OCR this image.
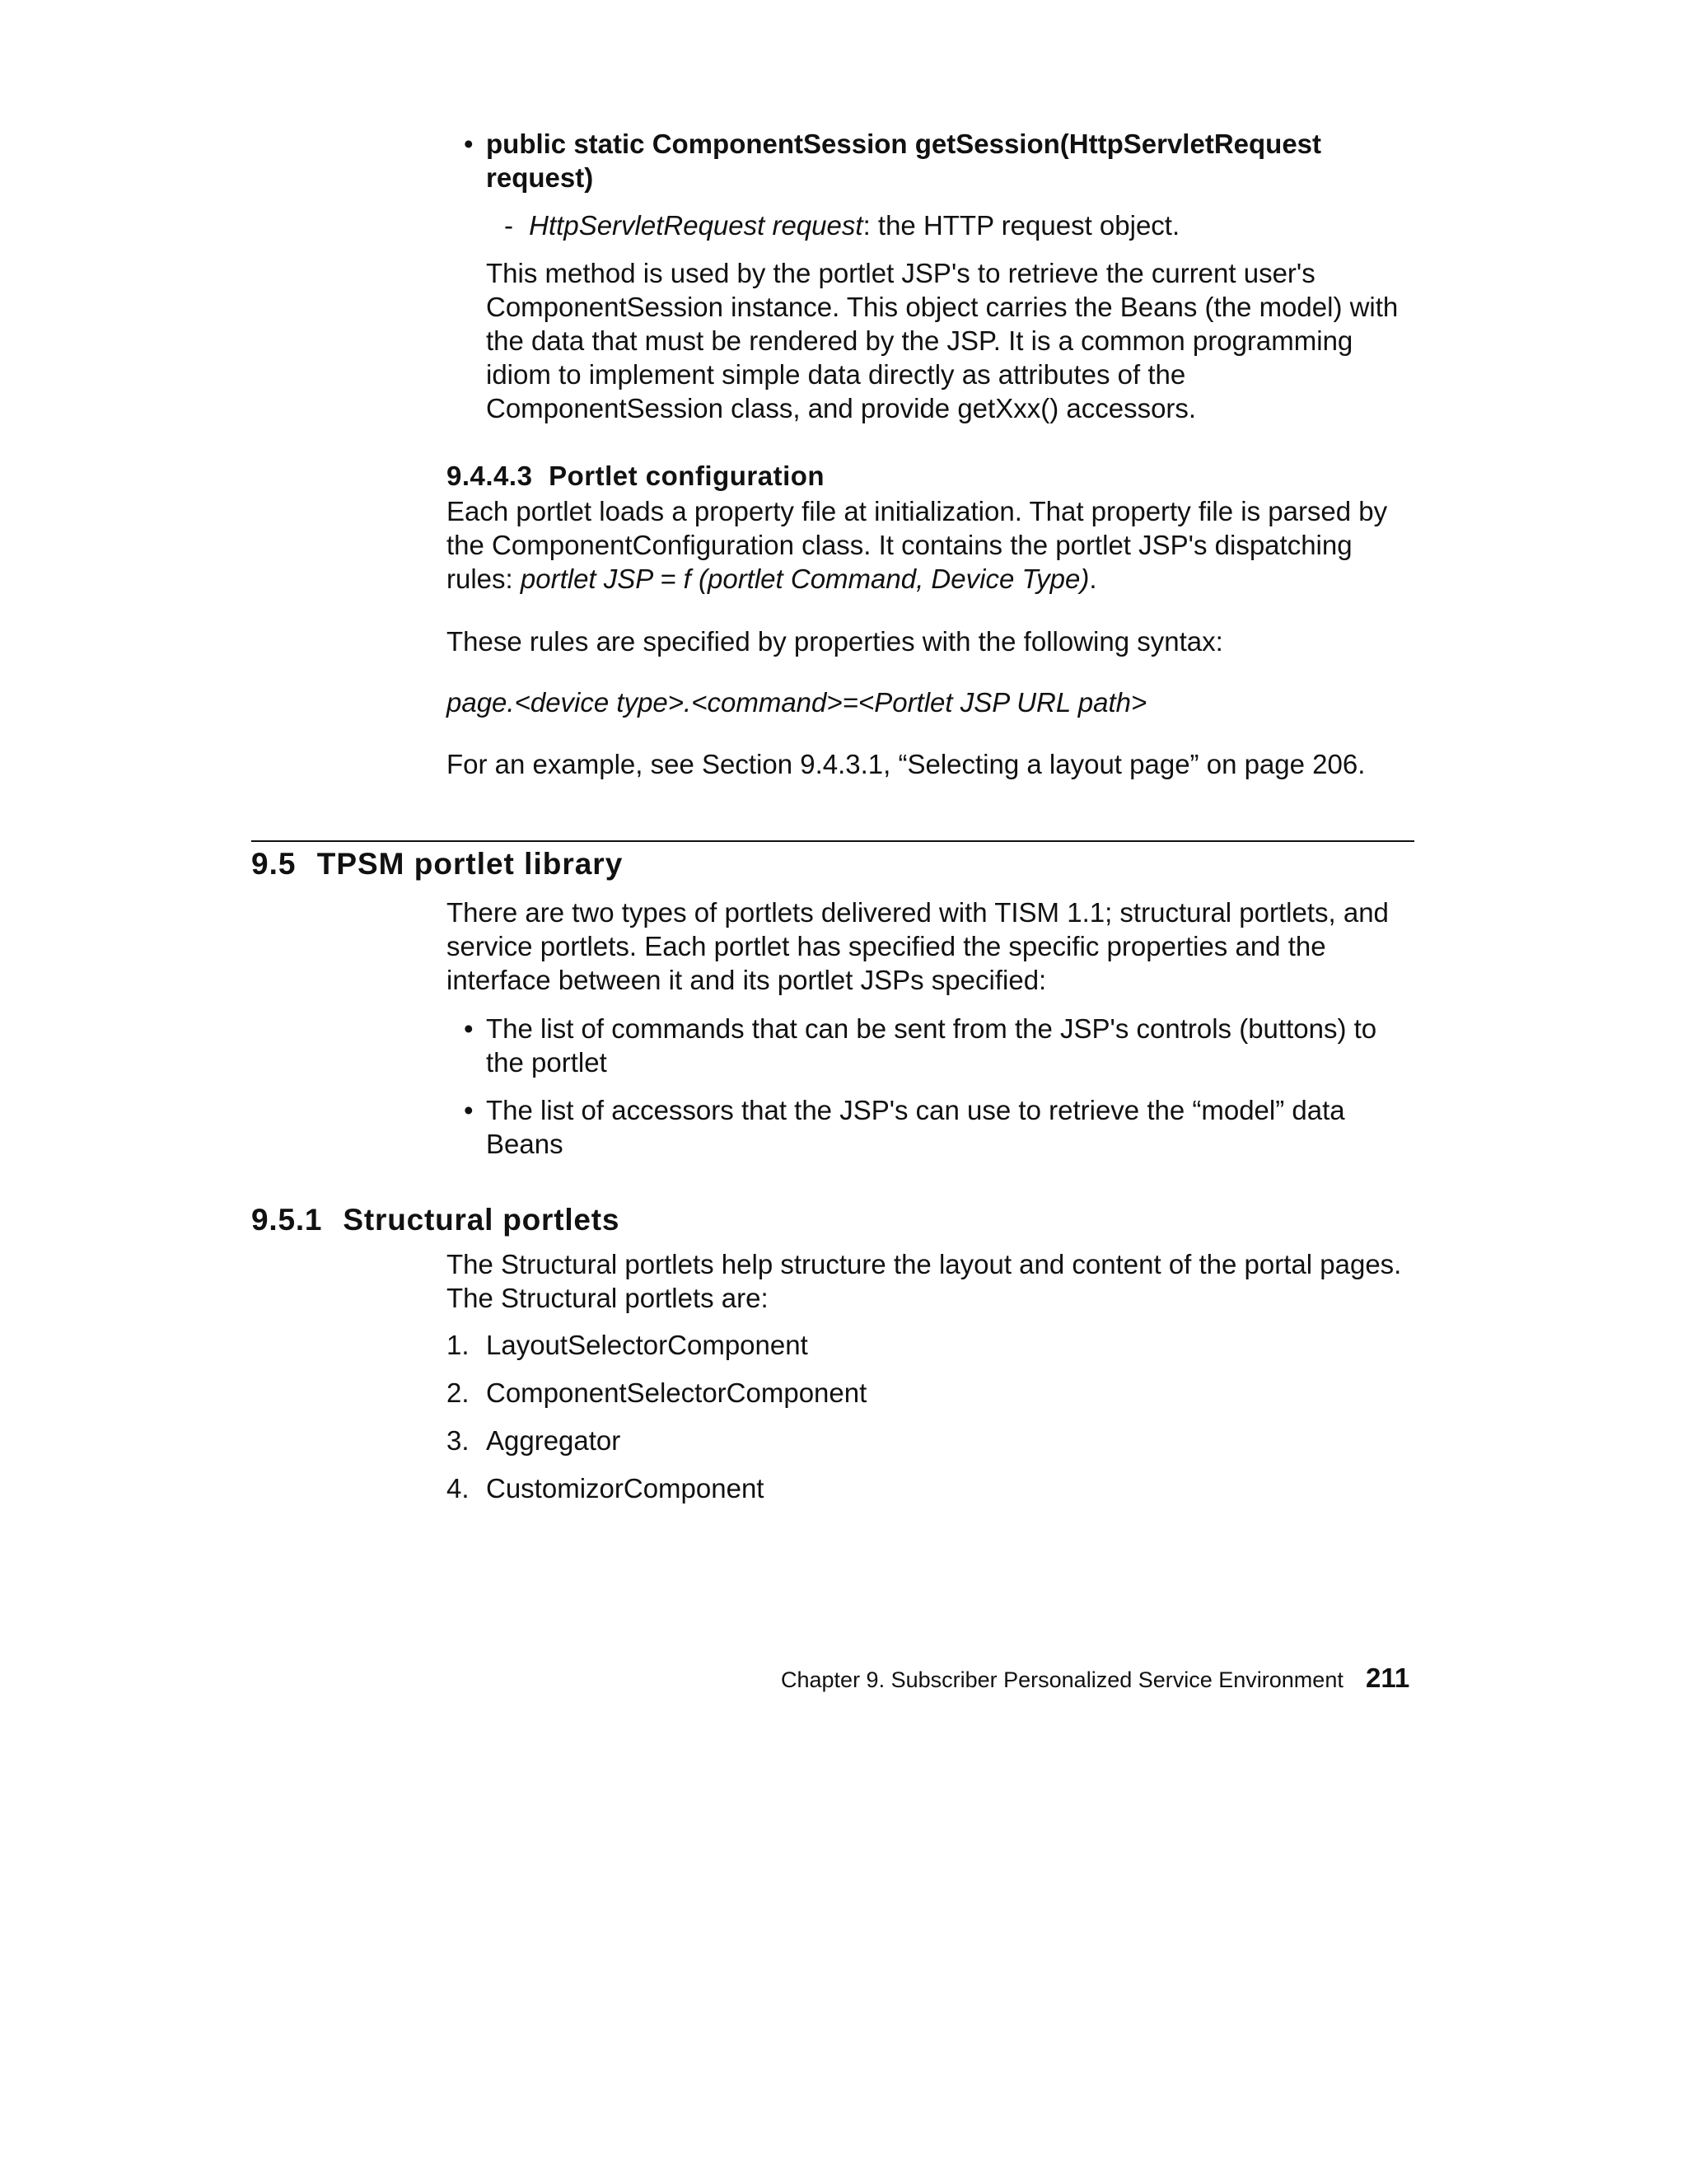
• public static ComponentSession getSession(HttpServletRequest
request)
- HttpServletRequest request: the HTTP request object.
This method is used by the portlet JSP's to retrieve the current user's ComponentSession instance. This object carries the Beans (the model) with the data that must be rendered by the JSP. It is a common programming idiom to implement simple data directly as attributes of the ComponentSession class, and provide getXxx() accessors.
9.4.4.3 Portlet configuration
Each portlet loads a property file at initialization. That property file is parsed by the ComponentConfiguration class. It contains the portlet JSP's dispatching rules: portlet JSP = f (portlet Command, Device Type).
These rules are specified by properties with the following syntax:
page.<device type>.<command>=<Portlet JSP URL path>
For an example, see Section 9.4.3.1, “Selecting a layout page” on page 206.
9.5 TPSM portlet library
There are two types of portlets delivered with TISM 1.1; structural portlets, and service portlets. Each portlet has specified the specific properties and the interface between it and its portlet JSPs specified:
• The list of commands that can be sent from the JSP's controls (buttons) to the portlet
• The list of accessors that the JSP's can use to retrieve the “model” data Beans
9.5.1 Structural portlets
The Structural portlets help structure the layout and content of the portal pages. The Structural portlets are:
1. LayoutSelectorComponent
2. ComponentSelectorComponent
3. Aggregator
4. CustomizorComponent
Chapter 9. Subscriber Personalized Service Environment 211
